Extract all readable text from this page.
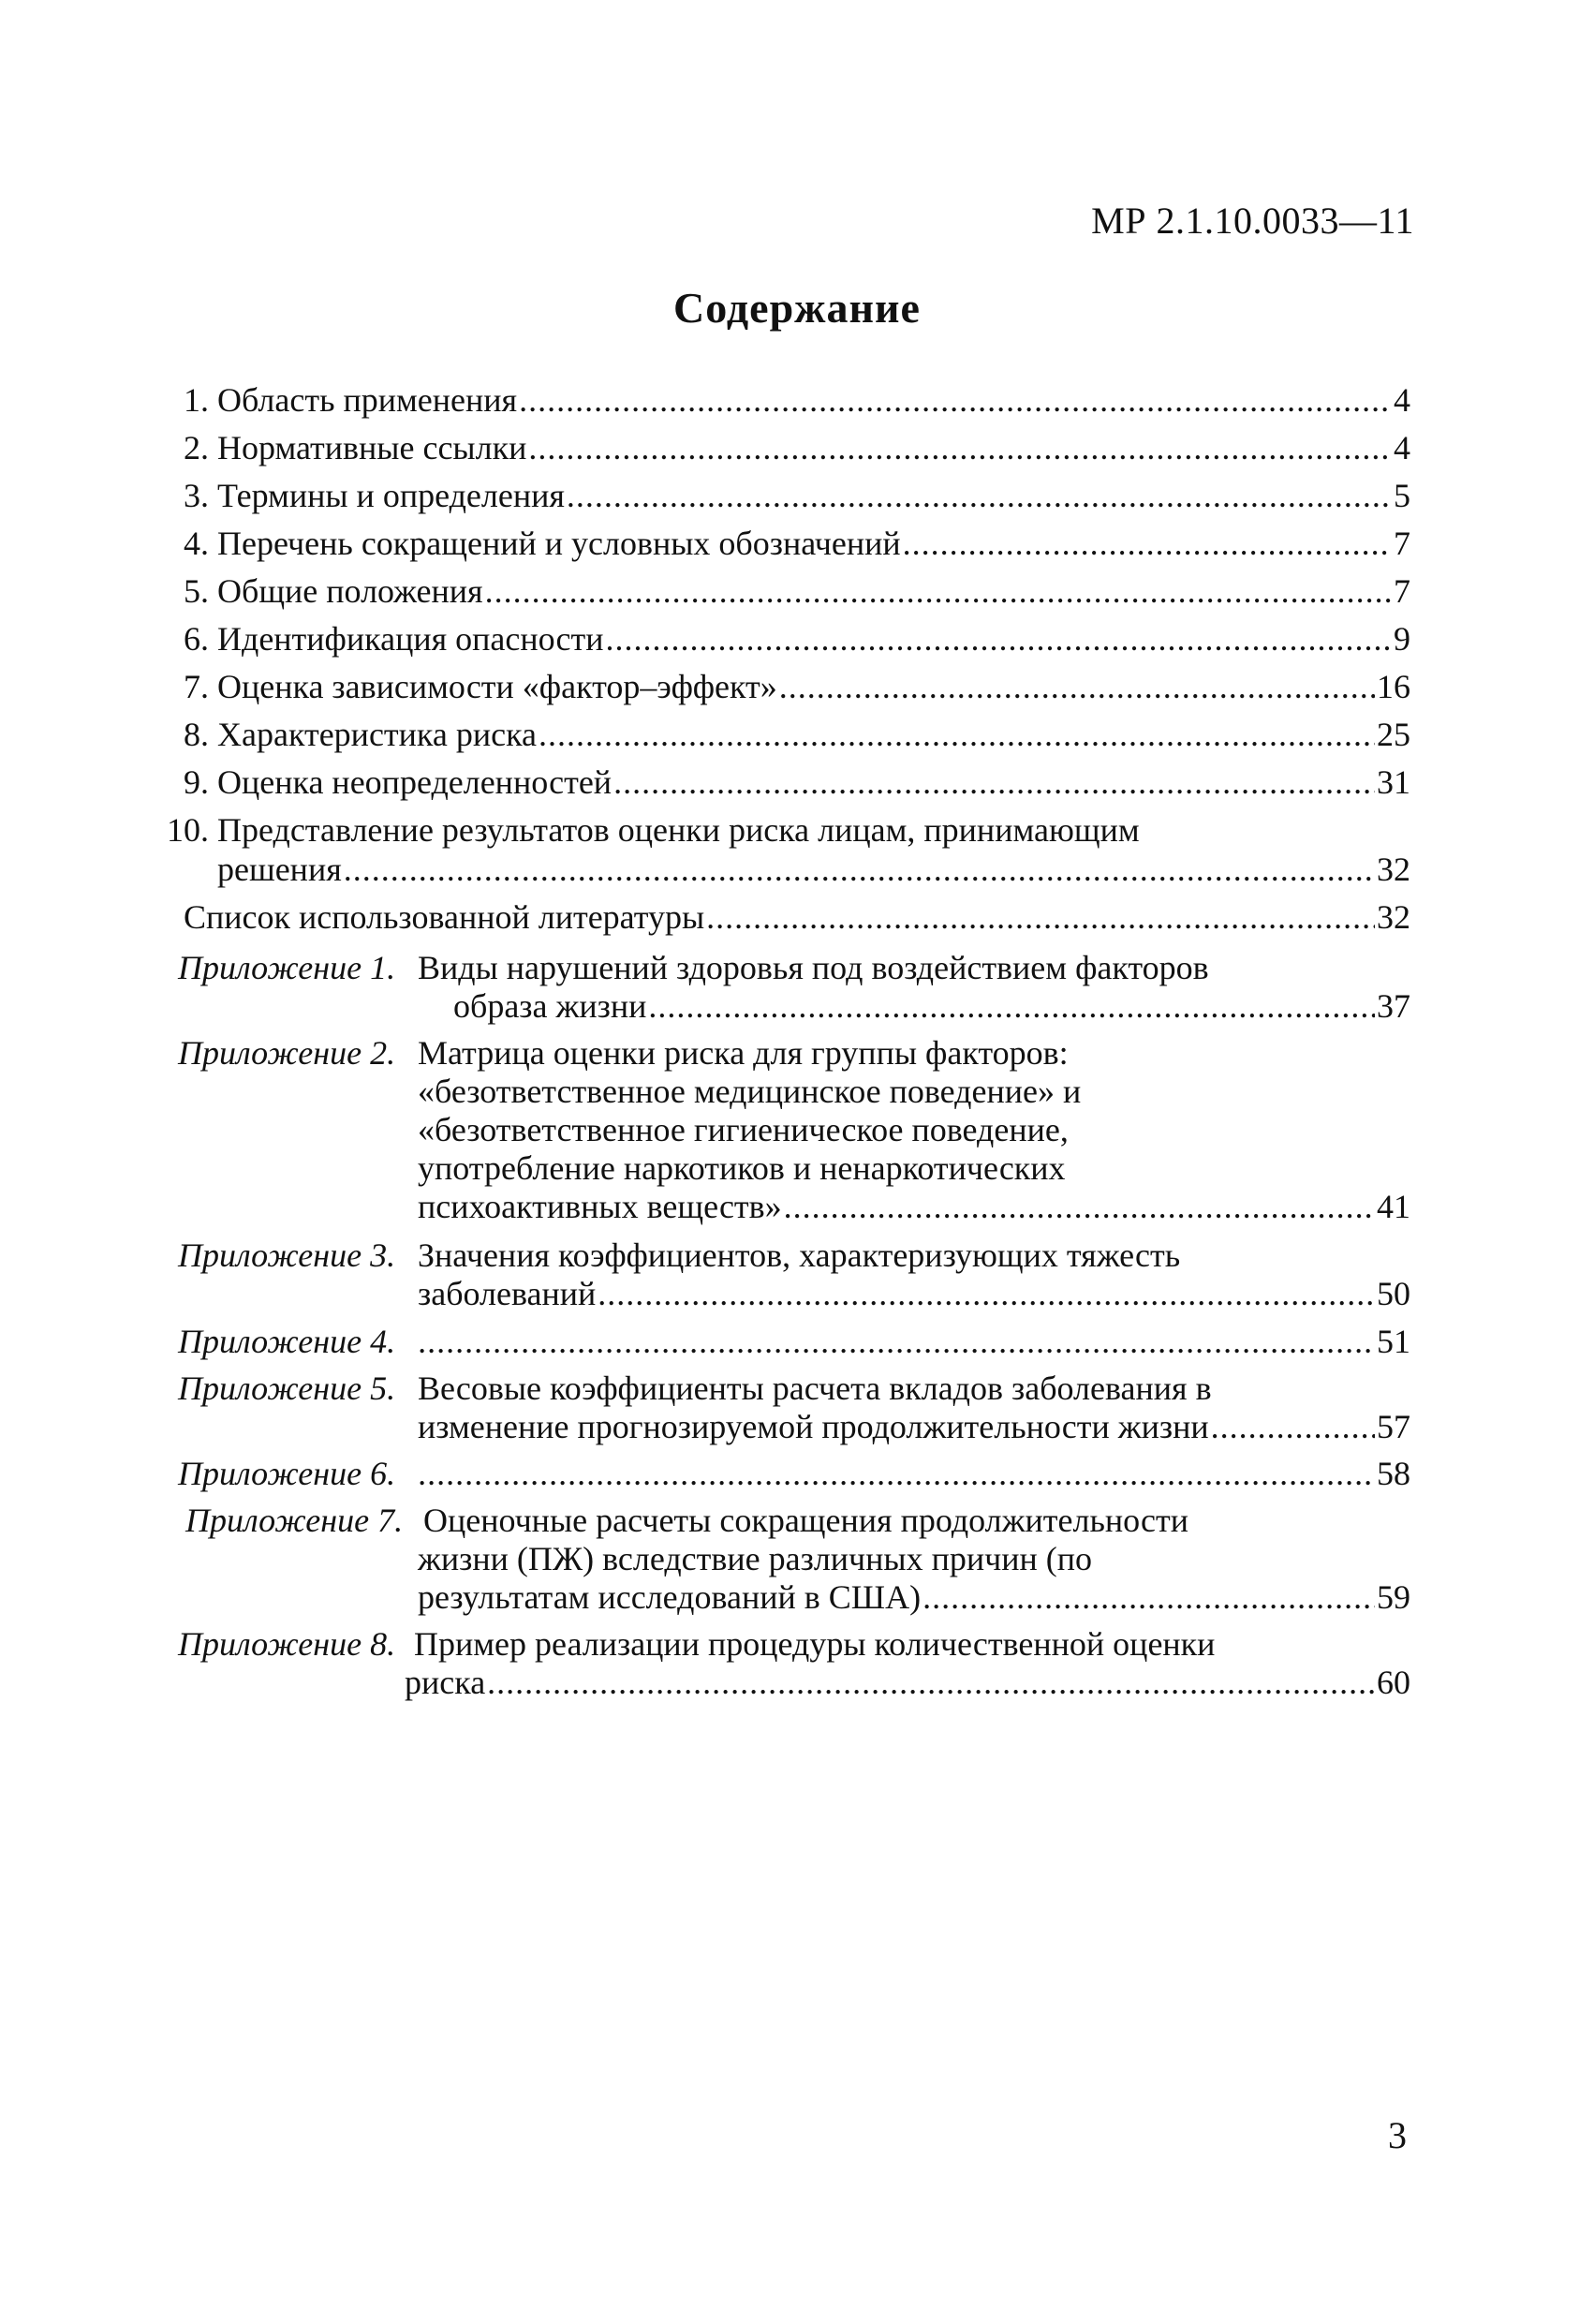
МР 2.1.10.0033—11
Содержание
1. Область применения .....	4
2. Нормативные ссылки .....	4
3. Термины и определения .....	5
4. Перечень сокращений и условных обозначений .....	7
5. Общие положения .....	7
6. Идентификация опасности .....	9
7. Оценка зависимости «фактор–эффект» .....	16
8. Характеристика риска .....	25
9. Оценка неопределенностей .....	31
10. Представление результатов оценки риска лицам, принимающим
решения .....	32
Список использованной литературы .....	32
Приложение 1. Виды нарушений здоровья под воздействием факторов
образа жизни .....	37
Приложение 2. Матрица оценки риска для группы факторов:
«безответственное медицинское поведение» и
«безответственное гигиеническое поведение,
употребление наркотиков и ненаркотических
психоактивных веществ» .....	41
Приложение 3. Значения коэффициентов, характеризующих тяжесть
заболеваний .....	50
Приложение 4. .....	51
Приложение 5. Весовые коэффициенты расчета вкладов заболевания в
изменение прогнозируемой продолжительности жизни .....	57
Приложение 6. .....	58
Приложение 7. Оценочные расчеты сокращения продолжительности
жизни (ПЖ) вследствие различных причин (по
результатам исследований в США) .....	59
Приложение 8. Пример реализации процедуры количественной оценки
риска .....	60
3
